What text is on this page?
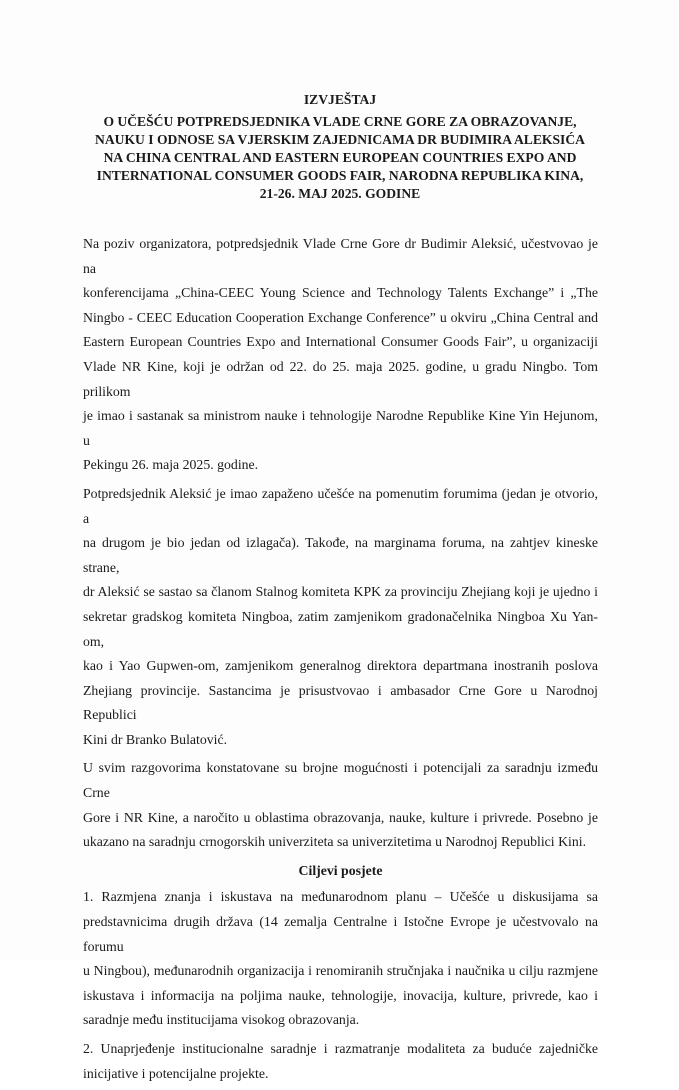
IZVJEŠTAJ
O UČEŠĆU POTPREDSJEDNIKA VLADE CRNE GORE ZA OBRAZOVANJE,
NAUKU I ODNOSE SA VJERSKIM ZAJEDNICAMA DR BUDIMIRA ALEKSIĆA
NA CHINA CENTRAL AND EASTERN EUROPEAN COUNTRIES EXPO AND
INTERNATIONAL CONSUMER GOODS FAIR, NARODNA REPUBLIKA KINA,
21-26. MAJ 2025. GODINE
Na poziv organizatora, potpredsjednik Vlade Crne Gore dr Budimir Aleksić, učestvovao je na
konferencijama „China-CEEC Young Science and Technology Talents Exchange” i „The
Ningbo - CEEC Education Cooperation Exchange Conference” u okviru „China Central and
Eastern European Countries Expo and International Consumer Goods Fair”, u organizaciji
Vlade NR Kine, koji je održan od 22. do 25. maja 2025. godine, u gradu Ningbo. Tom prilikom
je imao i sastanak sa ministrom nauke i tehnologije Narodne Republike Kine Yin Hejunom, u
Pekingu 26. maja 2025. godine.
Potpredsjednik Aleksić je imao zapaženo učešće na pomenutim forumima (jedan je otvorio, a
na drugom je bio jedan od izlagača). Takođe, na marginama foruma, na zahtjev kineske strane,
dr Aleksić se sastao sa članom Stalnog komiteta KPK za provinciju Zhejiang koji je ujedno i
sekretar gradskog komiteta Ningboa, zatim zamjenikom gradonačelnika Ningboa Xu Yan-om,
kao i Yao Gupwen-om, zamjenikom generalnog direktora departmana inostranih poslova
Zhejiang provincije. Sastancima je prisustvovao i ambasador Crne Gore u Narodnoj Republici
Kini dr Branko Bulatović.
U svim razgovorima konstatovane su brojne mogućnosti i potencijali za saradnju između Crne
Gore i NR Kine, a naročito u oblastima obrazovanja, nauke, kulture i privrede. Posebno je
ukazano na saradnju crnogorskih univerziteta sa univerzitetima u Narodnoj Republici Kini.
Ciljevi posjete
1. Razmjena znanja i iskustava na međunarodnom planu – Učešće u diskusijama sa
predstavnicima drugih država (14 zemalja Centralne i Istočne Evrope je učestvovalo na forumu
u Ningbou), međunarodnih organizacija i renomiranih stručnjaka i naučnika u cilju razmjene
iskustava i informacija na poljima nauke, tehnologije, inovacija, kulture, privrede, kao i
saradnje među institucijama visokog obrazovanja.
2. Unaprjeđenje institucionalne saradnje i razmatranje modaliteta za buduće zajedničke
inicijative i potencijalne projekte.
